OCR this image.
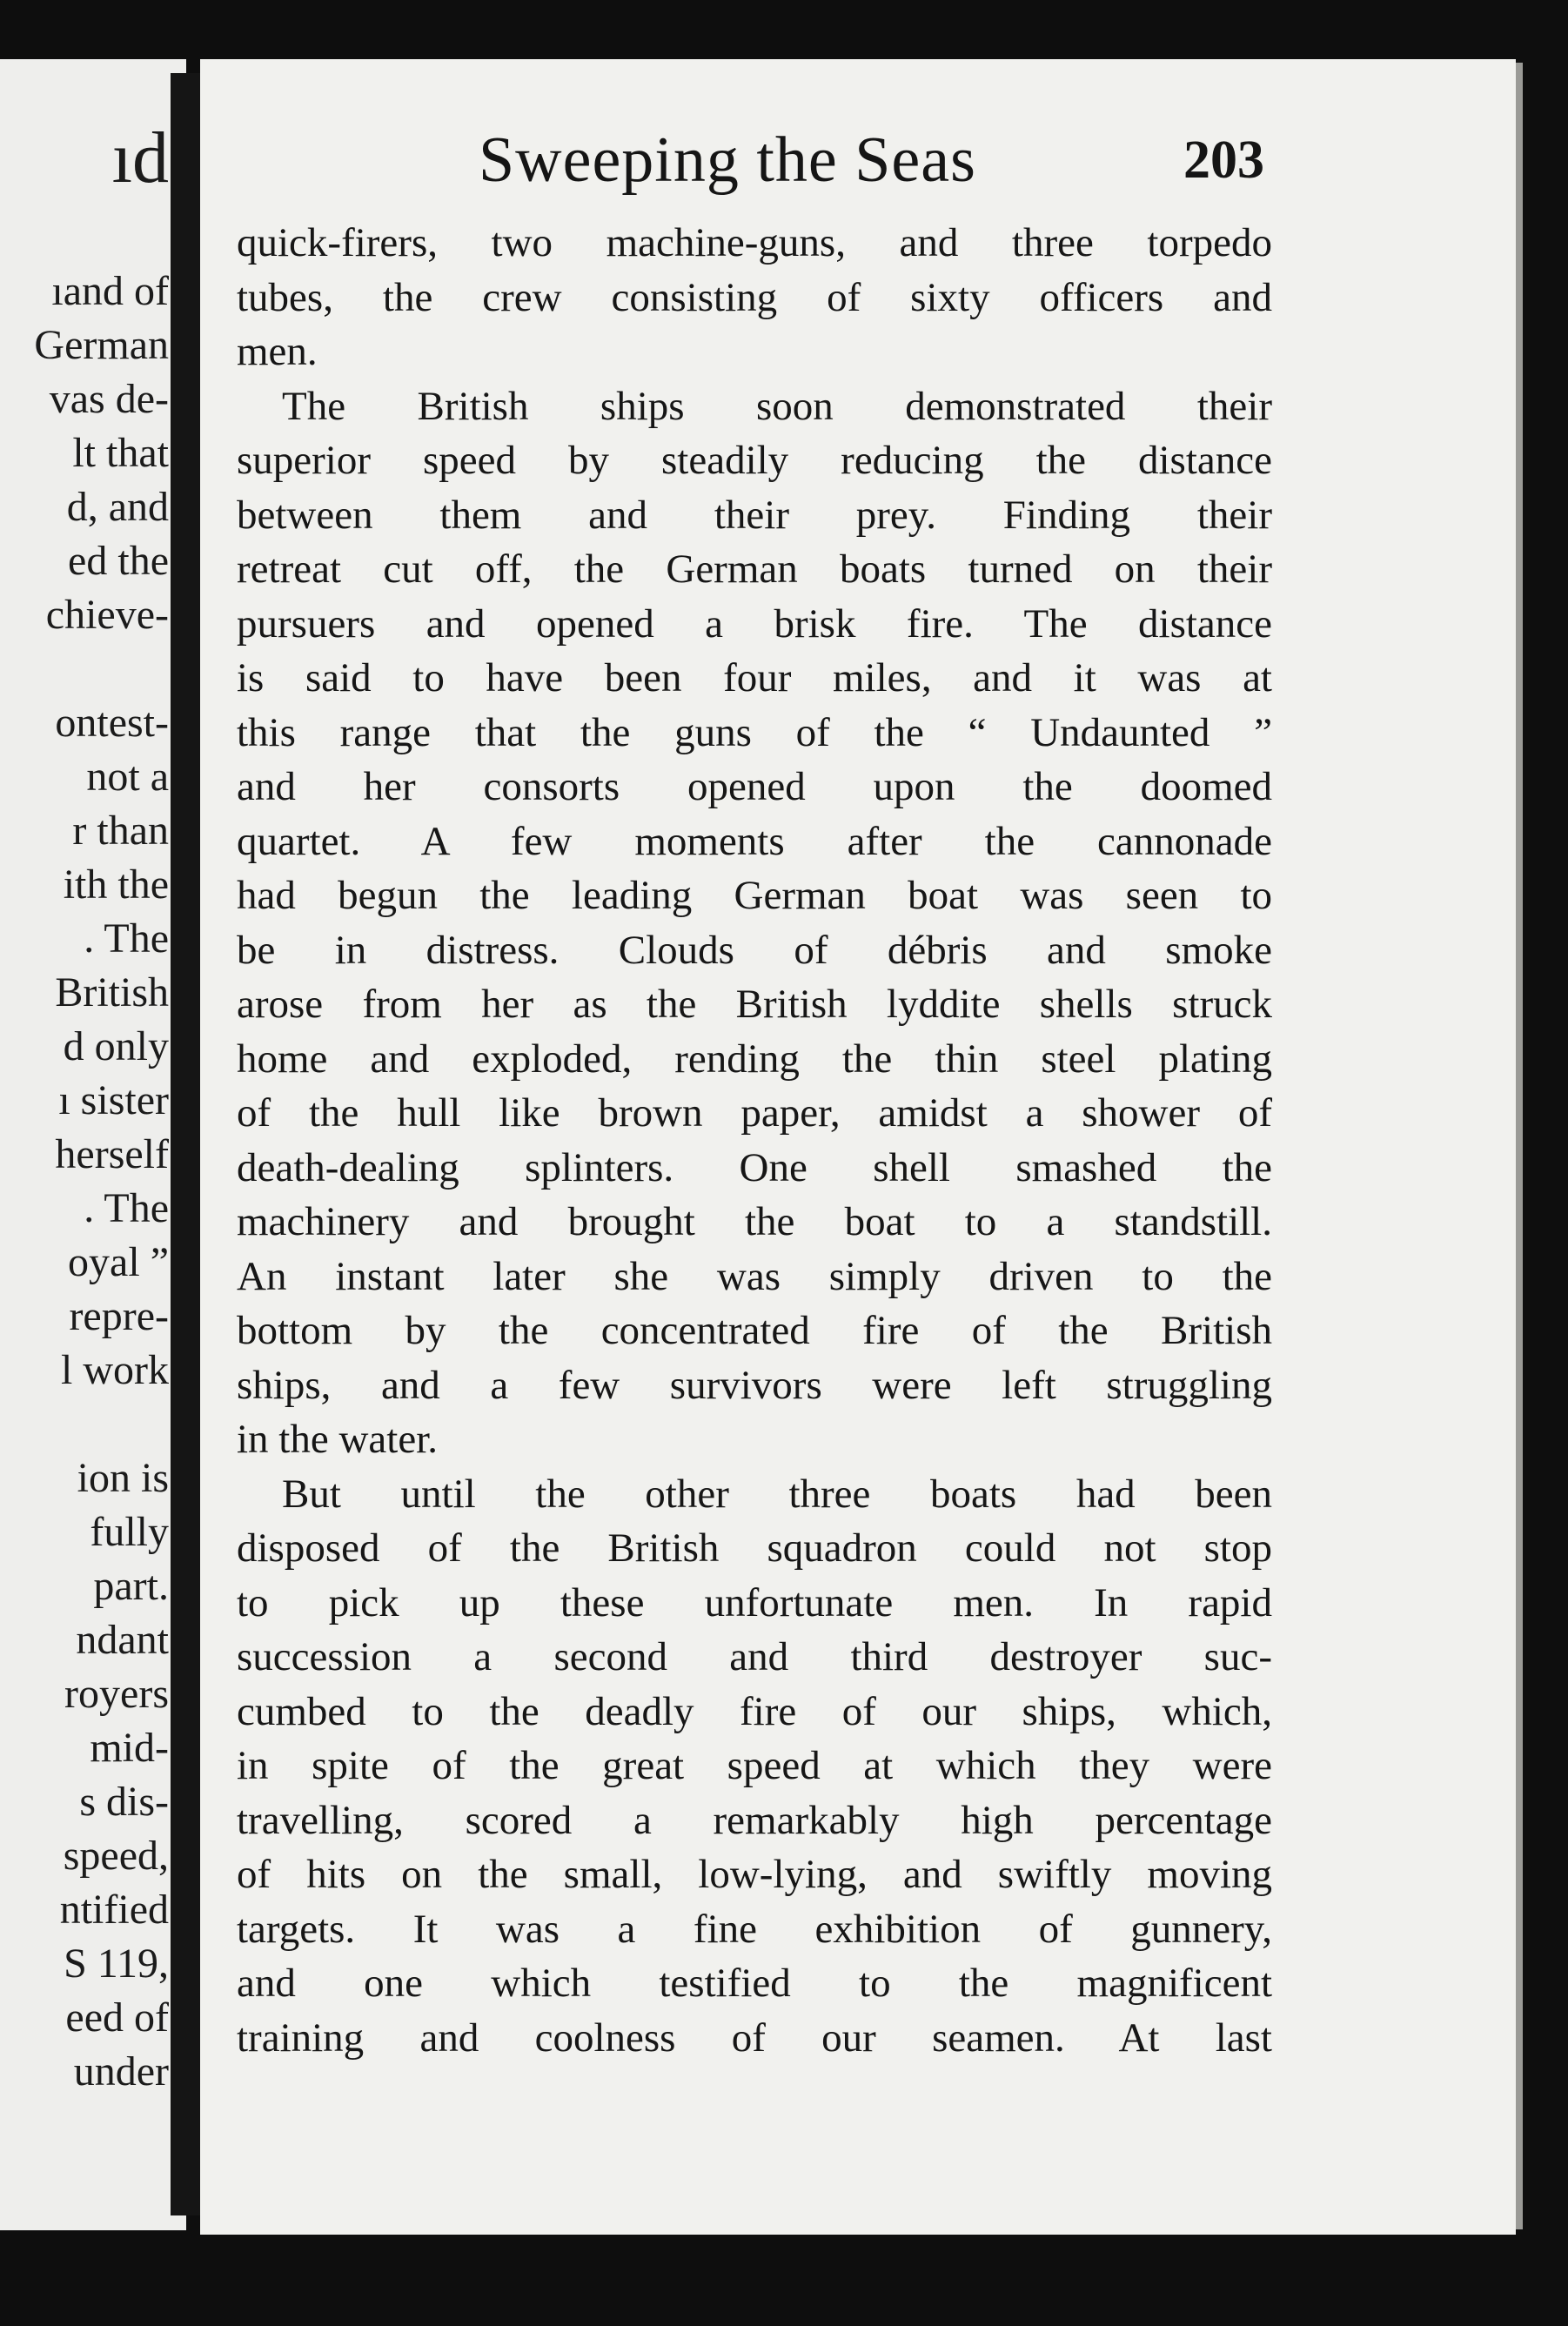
ıd
ıand of
German
vas de-
lt that
d, and
ed the
chieve-
ontest-
not a
r than
ith the
. The
British
d only
ı sister
herself
. The
oyal ”
repre-
l work
ion is
fully
part.
ndant
royers
mid-
s dis-
speed,
ntified
S 119,
eed of
under
Sweeping the Seas	203
quick-firers, two machine-guns, and three torpedo
tubes, the crew consisting of sixty officers and
men.
The British ships soon demonstrated their
superior speed by steadily reducing the distance
between them and their prey. Finding their
retreat cut off, the German boats turned on their
pursuers and opened a brisk fire. The distance
is said to have been four miles, and it was at
this range that the guns of the “ Undaunted ”
and her consorts opened upon the doomed
quartet. A few moments after the cannonade
had begun the leading German boat was seen to
be in distress. Clouds of débris and smoke
arose from her as the British lyddite shells struck
home and exploded, rending the thin steel plating
of the hull like brown paper, amidst a shower of
death-dealing splinters. One shell smashed the
machinery and brought the boat to a standstill.
An instant later she was simply driven to the
bottom by the concentrated fire of the British
ships, and a few survivors were left struggling
in the water.
But until the other three boats had been
disposed of the British squadron could not stop
to pick up these unfortunate men. In rapid
succession a second and third destroyer suc-
cumbed to the deadly fire of our ships, which,
in spite of the great speed at which they were
travelling, scored a remarkably high percentage
of hits on the small, low-lying, and swiftly moving
targets. It was a fine exhibition of gunnery,
and one which testified to the magnificent
training and coolness of our seamen. At last
